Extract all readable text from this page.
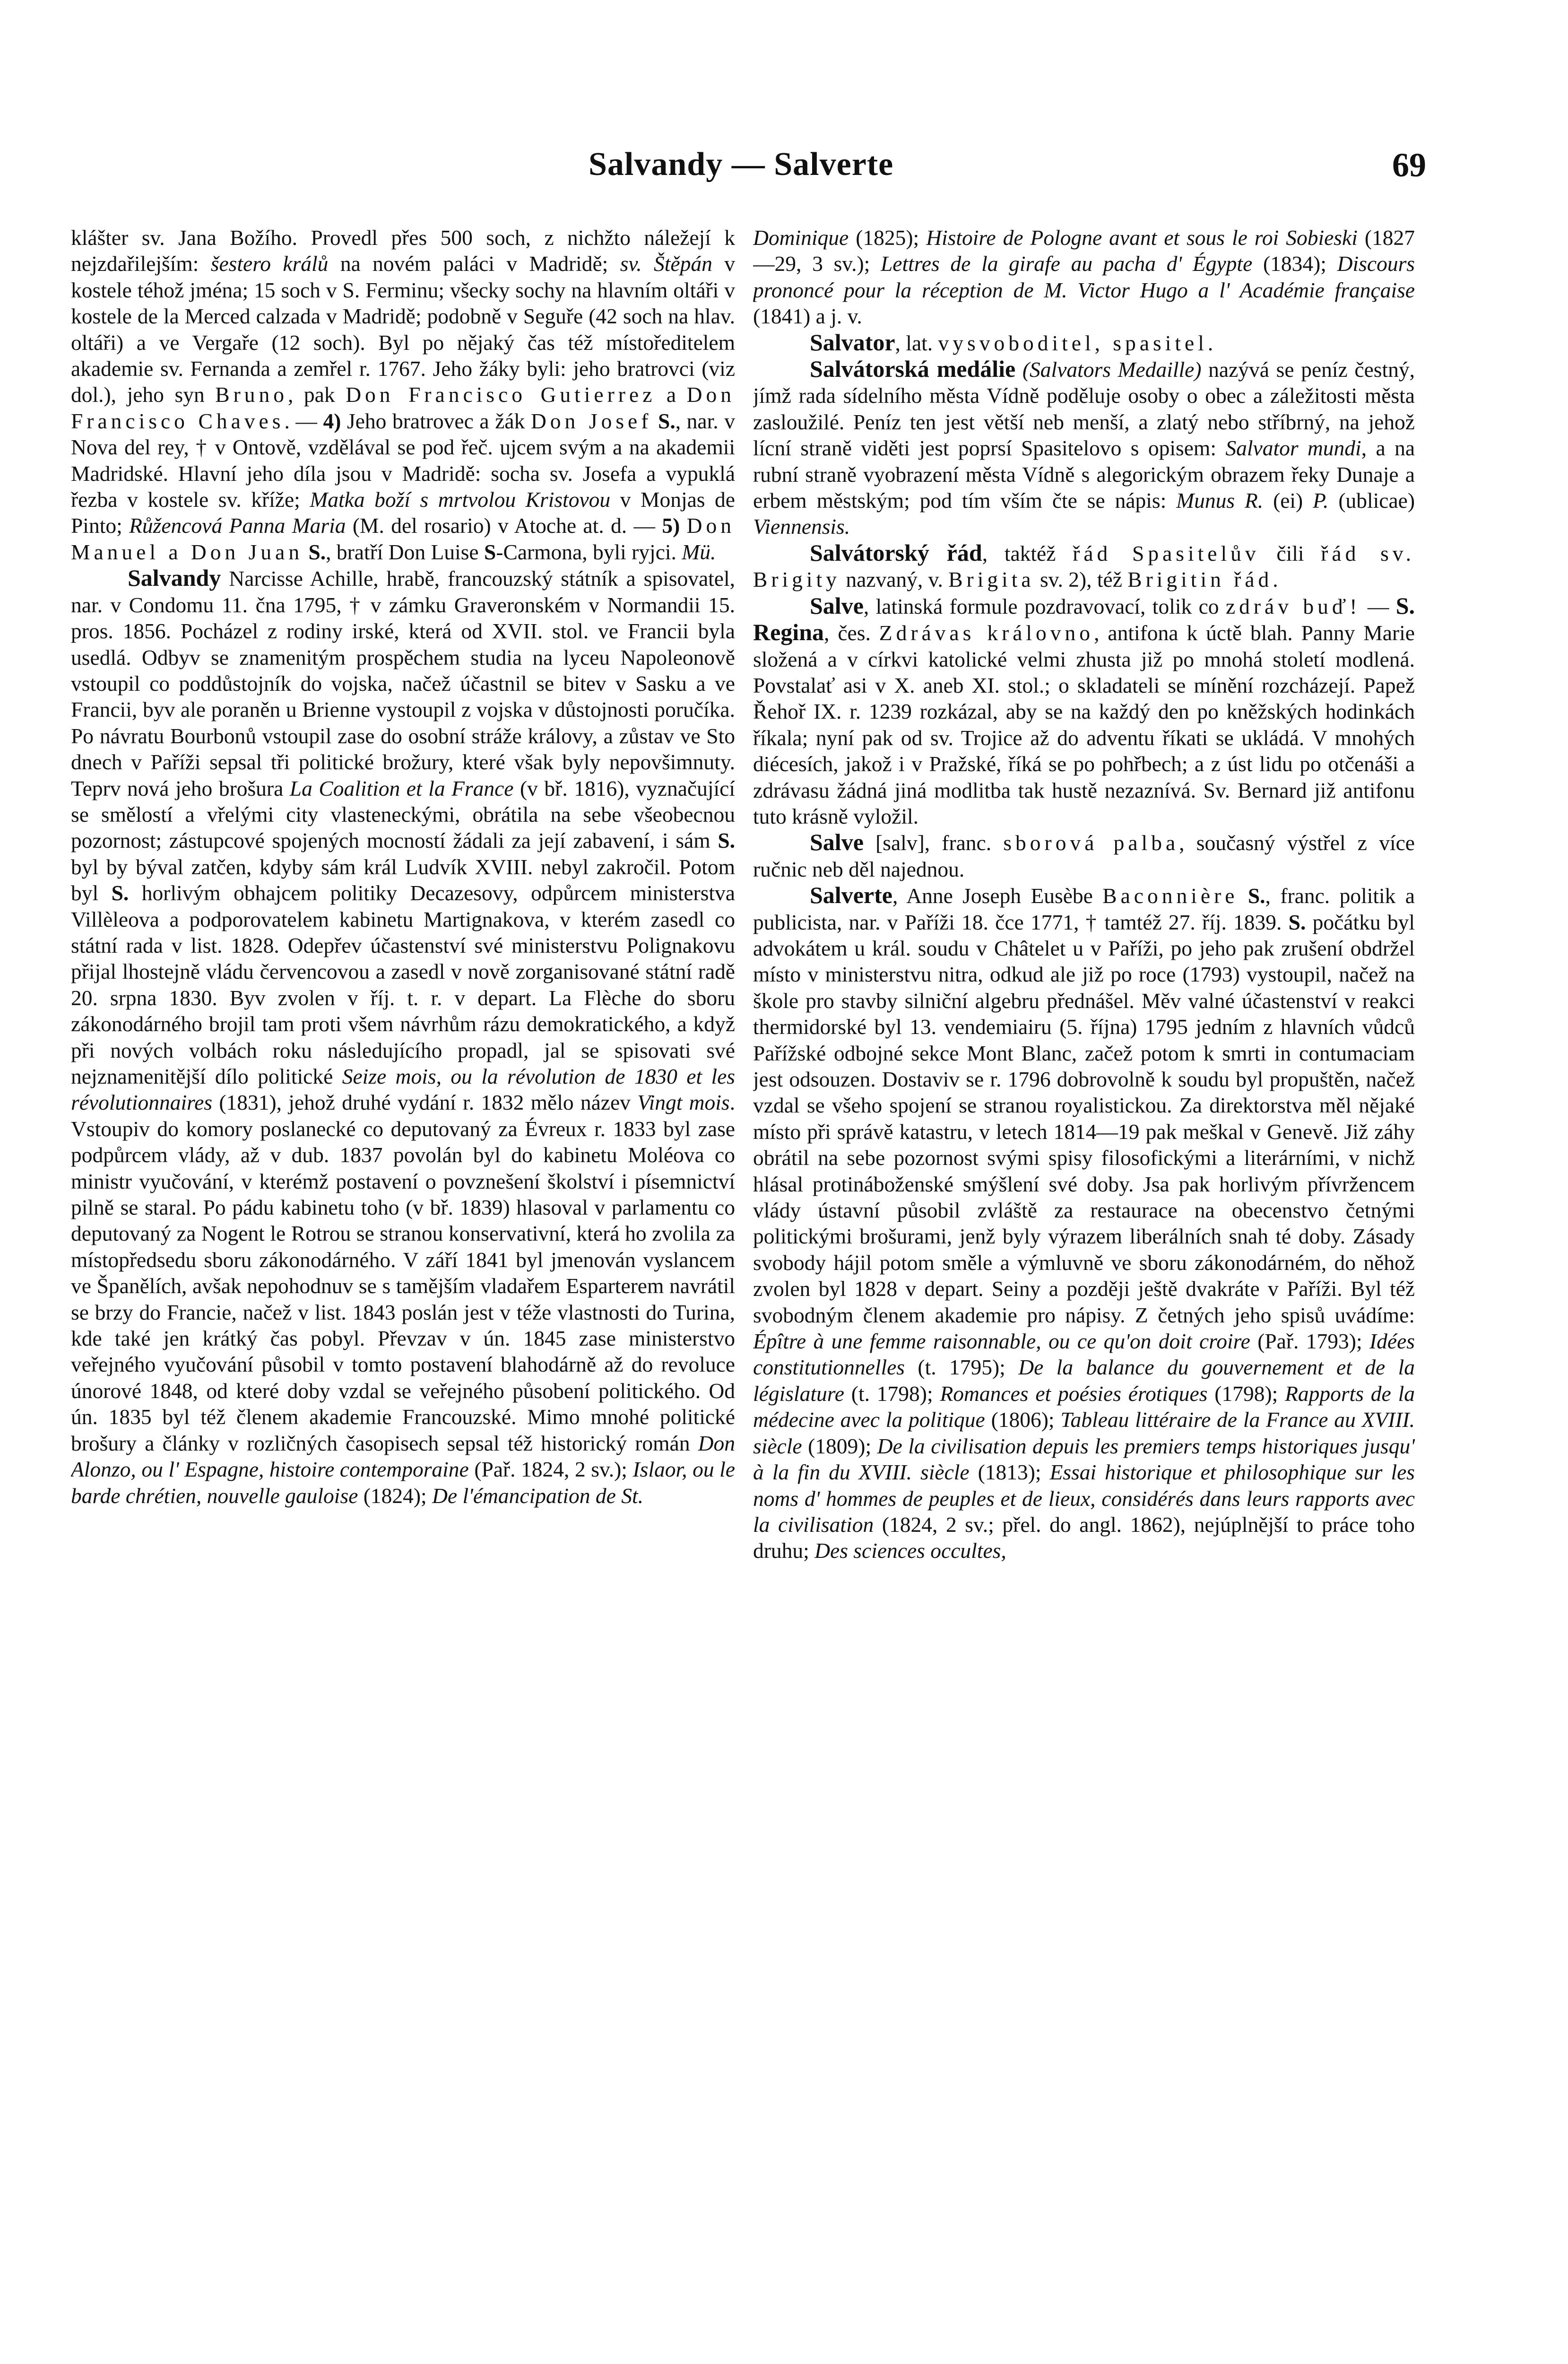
Salvandy — Salverte	69

klášter sv. Jana Božího. Provedl přes 500 soch, z nichžto náležejí k nejzdařilejším: šestero králů na novém paláci v Madridě; sv. Štěpán v kostele téhož jména; 15 soch v S. Ferminu; všecky sochy na hlavním oltáři v kostele de la Merced calzada v Madridě; podobně v Seguře (42 soch na hlav. oltáři) a ve Vergaře (12 soch). Byl po nějaký čas též místoředitelem akademie sv. Fernanda a zemřel r. 1767. Jeho žáky byli: jeho bratrovci (viz dol.), jeho syn Bruno, pak Don Francisco Gutierrez a Don Francisco Chaves. — 4) Jeho bratrovec a žák Don Josef S., nar. v Nova del rey, † v Ontově, vzdělával se pod řeč. ujcem svým a na akademii Madridské. Hlavní jeho díla jsou v Madridě: socha sv. Josefa a vypuklá řezba v kostele sv. kříže; Matka boží s mrtvolou Kristovou v Monjas de Pinto; Růžencová Panna Maria (M. del rosario) v Atoche at. d. — 5) Don Manuel a Don Juan S., bratří Don Luise S-Carmona, byli ryjci. Mü.

Salvandy Narcisse Achille, hrabě, francouzský státník a spisovatel, nar. v Condomu 11. čna 1795, † v zámku Graveronském v Normandii 15. pros. 1856. Pocházel z rodiny irské, která od XVII. stol. ve Francii byla usedlá. Odbyv se znamenitým prospěchem studia na lyceu Napoleonově vstoupil co poddůstojník do vojska, načež účastnil se bitev v Sasku a ve Francii, byv ale poraněn u Brienne vystoupil z vojska v důstojnosti poručíka. Po návratu Bourbonů vstoupil zase do osobní stráže královy, a zůstav ve Sto dnech v Paříži sepsal tři politické brožury, které však byly nepovšimnuty. Teprv nová jeho brošura La Coalition et la France (v bř. 1816), vyznačující se smělostí a vřelými city vlasteneckými, obrátila na sebe všeobecnou pozornost; zástupcové spojených mocností žádali za její zabavení, i sám S. byl by býval zatčen, kdyby sám král Ludvík XVIII. nebyl zakročil. Potom byl S. horlivým obhajcem politiky Decazesovy, odpůrcem ministerstva Villèleova a podporovatelem kabinetu Martignakova, v kterém zasedl co státní rada v list. 1828. Odepřev účastenství své ministerstvu Polignakovu přijal lhostejně vládu červencovou a zasedl v nově zorganisované státní radě 20. srpna 1830. Byv zvolen v říj. t. r. v depart. La Flèche do sboru zákonodárného brojil tam proti všem návrhům rázu demokratického, a když při nových volbách roku následujícího propadl, jal se spisovati své nejznamenitější dílo politické Seize mois, ou la révolution de 1830 et les révolutionnaires (1831), jehož druhé vydání r. 1832 mělo název Vingt mois. Vstoupiv do komory poslanecké co deputovaný za Évreux r. 1833 byl zase podpůrcem vlády, až v dub. 1837 povolán byl do kabinetu Moléova co ministr vyučování, v kterémž postavení o povznešení školství i písemnictví pilně se staral. Po pádu kabinetu toho (v bř. 1839) hlasoval v parlamentu co deputovaný za Nogent le Rotrou se stranou konservativní, která ho zvolila za místopředsedu sboru zákonodárného. V září 1841 byl jmenován vyslancem ve Španělích, avšak nepohodnuv se s tamějším vladařem Esparterem navrátil se brzy do Francie, načež v list. 1843 poslán jest v téže vlastnosti do Turina, kde také jen krátký čas pobyl. Převzav v ún. 1845 zase ministerstvo veřejného vyučování působil v tomto postavení blahodárně až do revoluce únorové 1848, od které doby vzdal se veřejného působení politického. Od ún. 1835 byl též členem akademie Francouzské. Mimo mnohé politické brošury a články v rozličných časopisech sepsal též historický román Don Alonzo, ou l' Espagne, histoire contemporaine (Pař. 1824, 2 sv.); Islaor, ou le barde chrétien, nouvelle gauloise (1824); De l'émancipation de St.

Dominique (1825); Histoire de Pologne avant et sous le roi Sobieski (1827—29, 3 sv.); Lettres de la girafe au pacha d' Égypte (1834); Discours prononcé pour la réception de M. Victor Hugo a l' Académie française (1841) a j. v.

Salvator, lat. vysvoboditel, spasitel.

Salvátorská medálie (Salvators Medaille) nazývá se peníz čestný, jímž rada sídelního města Vídně poděluje osoby o obec a záležitosti města zasloužilé. Peníz ten jest větší neb menší, a zlatý nebo stříbrný, na jehož lícní straně viděti jest poprsí Spasitelovo s opisem: Salvator mundi, a na rubní straně vyobrazení města Vídně s alegorickým obrazem řeky Dunaje a erbem městským; pod tím vším čte se nápis: Munus R. (ei) P. (ublicae) Viennensis.

Salvátorský řád, taktéž řád Spasitelův čili řád sv. Brigity nazvaný, v. Brigita sv. 2), též Brigitin řád.

Salve, latinská formule pozdravovací, tolik co zdráv buď! — S. Regina, čes. Zdrávas královno, antifona k úctě blah. Panny Marie složená a v církvi katolické velmi zhusta již po mnohá století modlená. Povstalať asi v X. aneb XI. stol.; o skladateli se mínění rozcházejí. Papež Řehoř IX. r. 1239 rozkázal, aby se na každý den po kněžských hodinkách říkala; nyní pak od sv. Trojice až do adventu říkati se ukládá. V mnohých diécesích, jakož i v Pražské, říká se po pohřbech; a z úst lidu po otčenáši a zdrávasu žádná jiná modlitba tak hustě nezaznívá. Sv. Bernard již antifonu tuto krásně vyložil.

Salve [salv], franc. sborová palba, současný výstřel z více ručnic neb děl najednou.

Salverte, Anne Joseph Eusèbe Baconnière S., franc. politik a publicista, nar. v Paříži 18. čce 1771, † tamtéž 27. říj. 1839. S. počátku byl advokátem u král. soudu v Châtelet u v Paříži, po jeho pak zrušení obdržel místo v ministerstvu nitra, odkud ale již po roce (1793) vystoupil, načež na škole pro stavby silniční algebru přednášel. Měv valné účastenství v reakci thermidorské byl 13. vendemiairu (5. října) 1795 jedním z hlavních vůdců Pařížské odbojné sekce Mont Blanc, začež potom k smrti in contumaciam jest odsouzen. Dostaviv se r. 1796 dobrovolně k soudu byl propuštěn, načež vzdal se všeho spojení se stranou royalistickou. Za direktorstva měl nějaké místo při správě katastru, v letech 1814—19 pak meškal v Genevě. Již záhy obrátil na sebe pozornost svými spisy filosofickými a literárními, v nichž hlásal protináboženské smýšlení své doby. Jsa pak horlivým přívržencem vlády ústavní působil zvláště za restaurace na obecenstvo četnými politickými brošurami, jenž byly výrazem liberálních snah té doby. Zásady svobody hájil potom směle a výmluvně ve sboru zákonodárném, do něhož zvolen byl 1828 v depart. Seiny a později ještě dvakráte v Paříži. Byl též svobodným členem akademie pro nápisy. Z četných jeho spisů uvádíme: Épître à une femme raisonnable, ou ce qu'on doit croire (Pař. 1793); Idées constitutionnelles (t. 1795); De la balance du gouvernement et de la législature (t. 1798); Romances et poésies érotiques (1798); Rapports de la médecine avec la politique (1806); Tableau littéraire de la France au XVIII. siècle (1809); De la civilisation depuis les premiers temps historiques jusqu' à la fin du XVIII. siècle (1813); Essai historique et philosophique sur les noms d' hommes de peuples et de lieux, considérés dans leurs rapports avec la civilisation (1824, 2 sv.; přel. do angl. 1862), nejúplnější to práce toho druhu; Des sciences occultes,
